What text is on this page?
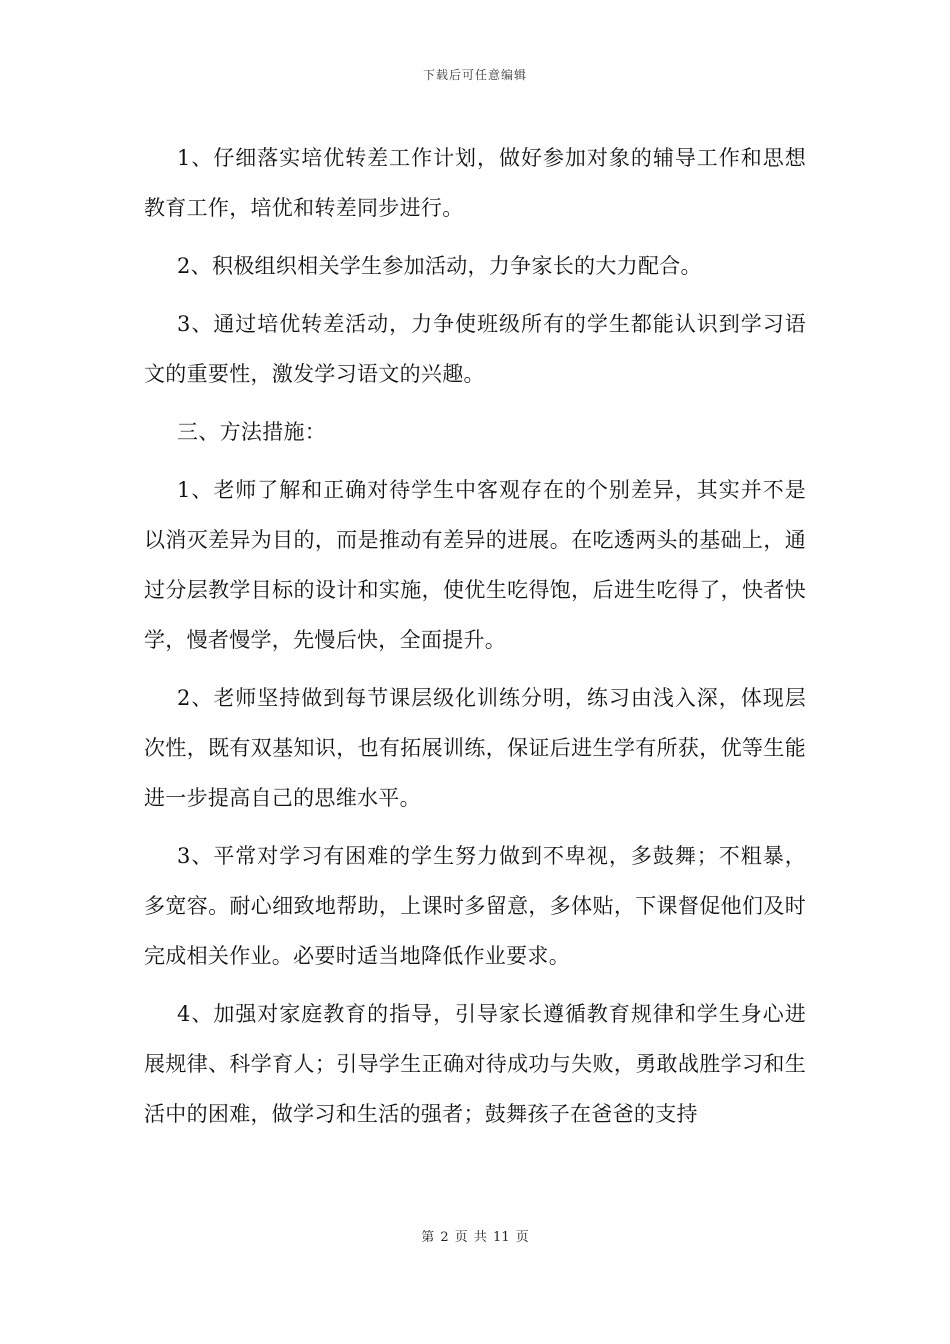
下载后可任意编辑

1、仔细落实培优转差工作计划，做好参加对象的辅导工作和思想教育工作，培优和转差同步进行。

2、积极组织相关学生参加活动，力争家长的大力配合。

3、通过培优转差活动，力争使班级所有的学生都能认识到学习语文的重要性，激发学习语文的兴趣。

三、方法措施：

1、老师了解和正确对待学生中客观存在的个别差异，其实并不是以消灭差异为目的，而是推动有差异的进展。在吃透两头的基础上，通过分层教学目标的设计和实施，使优生吃得饱，后进生吃得了，快者快学，慢者慢学，先慢后快，全面提升。

2、老师坚持做到每节课层级化训练分明，练习由浅入深，体现层次性，既有双基知识，也有拓展训练，保证后进生学有所获，优等生能进一步提高自己的思维水平。

3、平常对学习有困难的学生努力做到不卑视，多鼓舞；不粗暴，多宽容。耐心细致地帮助，上课时多留意，多体贴，下课督促他们及时完成相关作业。必要时适当地降低作业要求。

4、加强对家庭教育的指导，引导家长遵循教育规律和学生身心进展规律、科学育人；引导学生正确对待成功与失败，勇敢战胜学习和生活中的困难，做学习和生活的强者；鼓舞孩子在爸爸的支持

第 2 页 共 11 页
